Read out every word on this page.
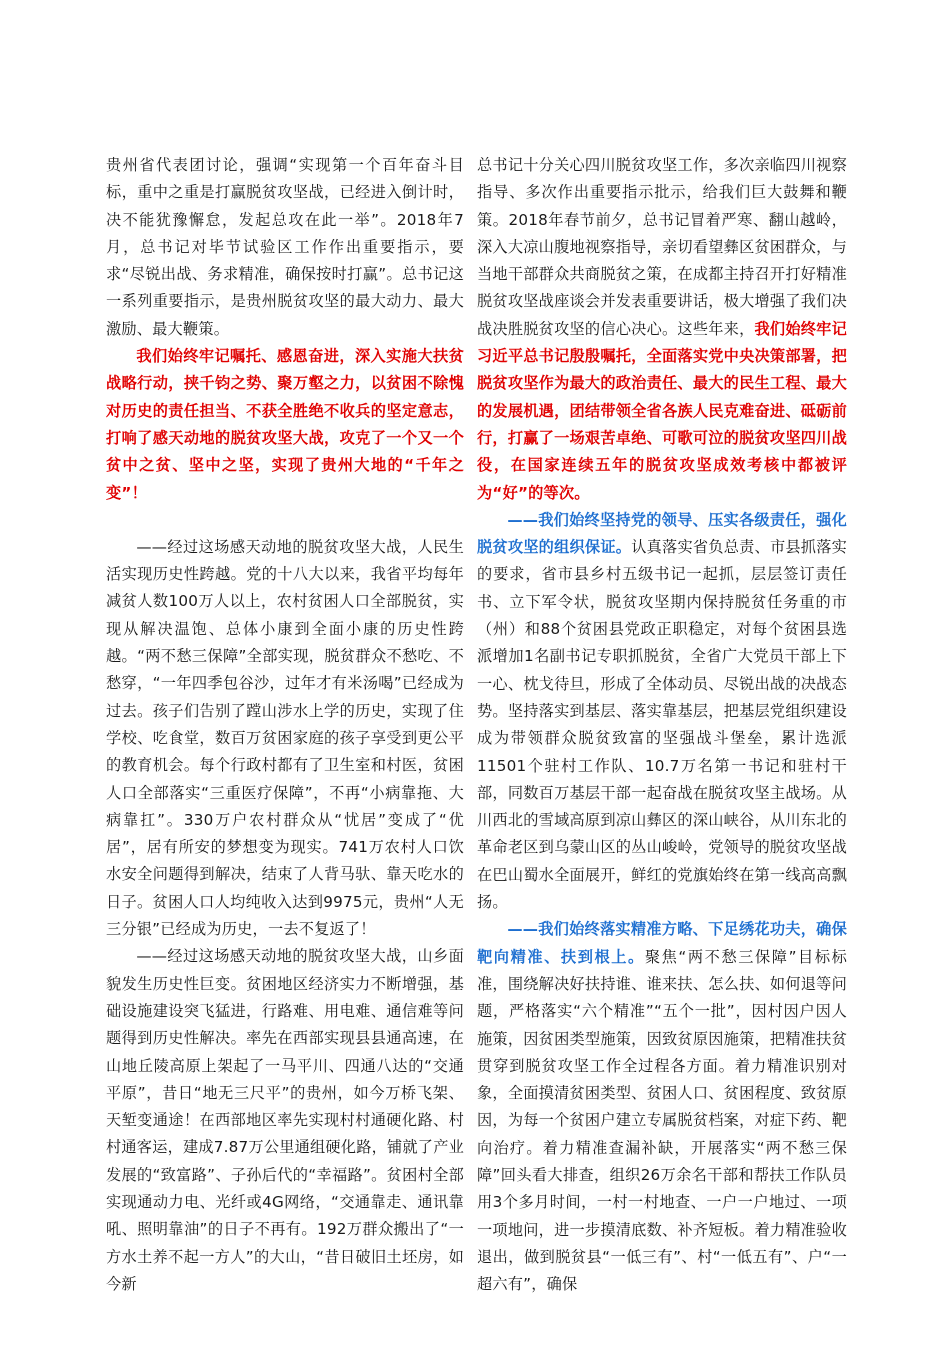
贵州省代表团讨论，强调“实现第一个百年奋斗目标，重中之重是打赢脱贫攻坚战，已经进入倒计时，决不能犹豫懈怠，发起总攻在此一举”。2018年7月，总书记对毕节试验区工作作出重要指示，要求“尽锐出战、务求精准，确保按时打赢”。总书记这一系列重要指示，是贵州脱贫攻坚的最大动力、最大激励、最大鞭策。

我们始终牢记嘱托、感恩奋进，深入实施大扶贫战略行动，挟千钧之势、聚万壑之力，以贫困不除愧对历史的责任担当、不获全胜绝不收兵的坚定意志，打响了感天动地的脱贫攻坚大战，攻克了一个又一个贫中之贫、坚中之坚，实现了贵州大地的“千年之变”！

——经过这场感天动地的脱贫攻坚大战，人民生活实现历史性跨越。党的十八大以来，我省平均每年减贫人数100万人以上，农村贫困人口全部脱贫，实现从解决温饱、总体小康到全面小康的历史性跨越。“两不愁三保障”全部实现，脱贫群众不愁吃、不愁穿，“一年四季包谷沙，过年才有米汤喝”已经成为过去。孩子们告别了蹚山涉水上学的历史，实现了住学校、吃食堂，数百万贫困家庭的孩子享受到更公平的教育机会。每个行政村都有了卫生室和村医，贫困人口全部落实“三重医疗保障”，不再“小病靠拖、大病靠扛”。330万户农村群众从“忧居”变成了“优居”，居有所安的梦想变为现实。741万农村人口饮水安全问题得到解决，结束了人背马驮、靠天吃水的日子。贫困人口人均纯收入达到9975元，贵州“人无三分银”已经成为历史，一去不复返了！

——经过这场感天动地的脱贫攻坚大战，山乡面貌发生历史性巨变。贫困地区经济实力不断增强，基础设施建设突飞猛进，行路难、用电难、通信难等问题得到历史性解决。率先在西部实现县县通高速，在山地丘陵高原上架起了一马平川、四通八达的“交通平原”，昔日“地无三尺平”的贵州，如今万桥飞架、天堑变通途！在西部地区率先实现村村通硬化路、村村通客运，建成7.87万公里通组硬化路，铺就了产业发展的“致富路”、子孙后代的“幸福路”。贫困村全部实现通动力电、光纤或4G网络，“交通靠走、通讯靠吼、照明靠油”的日子不再有。192万群众搬出了“一方水土养不起一方人”的大山，“昔日破旧土坯房，如今新

总书记十分关心四川脱贫攻坚工作，多次亲临四川视察指导、多次作出重要指示批示，给我们巨大鼓舞和鞭策。2018年春节前夕，总书记冒着严寒、翻山越岭，深入大凉山腹地视察指导，亲切看望彝区贫困群众，与当地干部群众共商脱贫之策，在成都主持召开打好精准脱贫攻坚战座谈会并发表重要讲话，极大增强了我们决战决胜脱贫攻坚的信心决心。这些年来，我们始终牢记习近平总书记殷殷嘱托，全面落实党中央决策部署，把脱贫攻坚作为最大的政治责任、最大的民生工程、最大的发展机遇，团结带领全省各族人民克难奋进、砥砺前行，打赢了一场艰苦卓绝、可歌可泣的脱贫攻坚四川战役，在国家连续五年的脱贫攻坚成效考核中都被评为“好”的等次。

——我们始终坚持党的领导、压实各级责任，强化脱贫攻坚的组织保证。认真落实省负总责、市县抓落实的要求，省市县乡村五级书记一起抓，层层签订责任书、立下军令状，脱贫攻坚期内保持脱贫任务重的市（州）和88个贫困县党政正职稳定，对每个贫困县选派增加1名副书记专职抓脱贫，全省广大党员干部上下一心、枕戈待旦，形成了全体动员、尽锐出战的决战态势。坚持落实到基层、落实靠基层，把基层党组织建设成为带领群众脱贫致富的坚强战斗堡垒，累计选派11501个驻村工作队、10.7万名第一书记和驻村干部，同数百万基层干部一起奋战在脱贫攻坚主战场。从川西北的雪域高原到凉山彝区的深山峡谷，从川东北的革命老区到乌蒙山区的丛山峻岭，党领导的脱贫攻坚战在巴山蜀水全面展开，鲜红的党旗始终在第一线高高飘扬。

——我们始终落实精准方略、下足绣花功夫，确保靶向精准、扶到根上。聚焦“两不愁三保障”目标标准，围绕解决好扶持谁、谁来扶、怎么扶、如何退等问题，严格落实“六个精准”“五个一批”，因村因户因人施策，因贫困类型施策，因致贫原因施策，把精准扶贫贯穿到脱贫攻坚工作全过程各方面。着力精准识别对象，全面摸清贫困类型、贫困人口、贫困程度、致贫原因，为每一个贫困户建立专属脱贫档案，对症下药、靶向治疗。着力精准查漏补缺，开展落实“两不愁三保障”回头看大排查，组织26万余名干部和帮扶工作队员用3个多月时间，一村一村地查、一户一户地过、一项一项地问，进一步摸清底数、补齐短板。着力精准验收退出，做到脱贫县“一低三有”、村“一低五有”、户“一超六有”，确保
